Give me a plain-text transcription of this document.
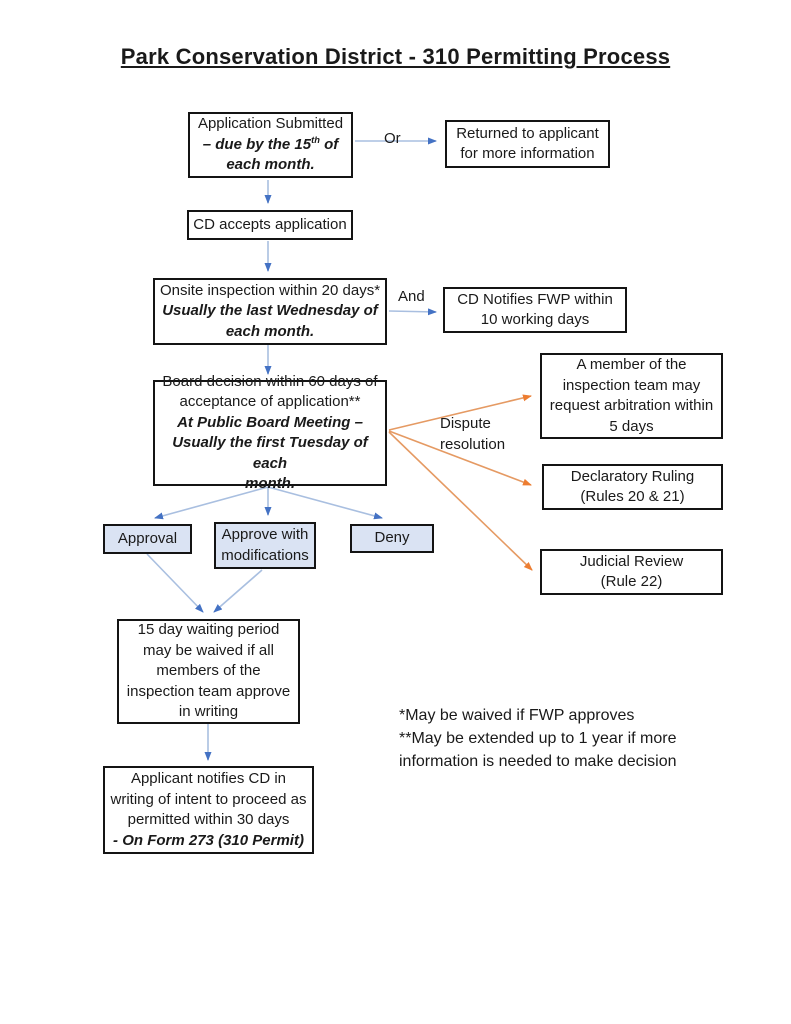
Park Conservation District - 310 Permitting Process
Application Submitted
– due by the 15th of
each month.
Or	Returned to applicant
for more information
CD accepts application
Onsite inspection within 20 days*
Usually the last Wednesday of
each month.
And CD Notifies FWP within
10 working days
Board decision within 60 days of
acceptance of application**
At Public Board Meeting –
Usually the first Tuesday of each
month.
Dispute
resolution
A member of the
inspection team may
request arbitration within
5 days
Declaratory Ruling
(Rules 20 & 21)
Judicial Review
(Rule 22)
Approval	Approve with
modifications
Deny
15 day waiting period
may be waived if all
members of the
inspection team approve
in writing
Applicant notifies CD in
writing of intent to proceed as
permitted within 30 days
- On Form 273 (310 Permit)
*May be waived if FWP approves
**May be extended up to 1 year if more information is needed to make decision
